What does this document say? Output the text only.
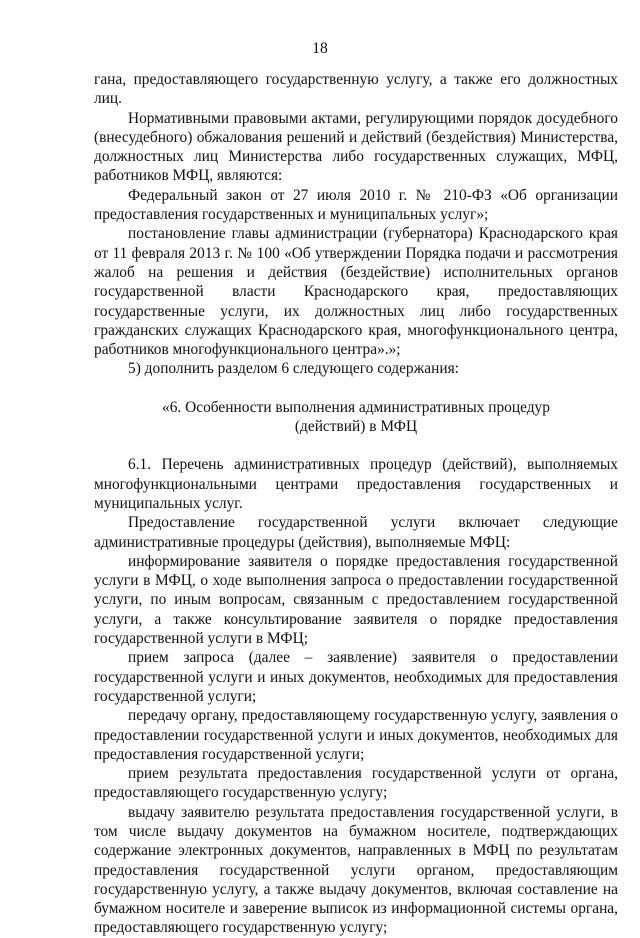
18

гана, предоставляющего государственную услугу, а также его должностных лиц.

Нормативными правовыми актами, регулирующими порядок досудебного (внесудебного) обжалования решений и действий (бездействия) Министерства, должностных лиц Министерства либо государственных служащих, МФЦ, работников МФЦ, являются:

Федеральный закон от 27 июля 2010 г. № 210-ФЗ «Об организации предоставления государственных и муниципальных услуг»;

постановление главы администрации (губернатора) Краснодарского края от 11 февраля 2013 г. № 100 «Об утверждении Порядка подачи и рассмотрения жалоб на решения и действия (бездействие) исполнительных органов государственной власти Краснодарского края, предоставляющих государственные услуги, их должностных лиц либо государственных гражданских служащих Краснодарского края, многофункционального центра, работников многофункционального центра».»;

5) дополнить разделом 6 следующего содержания:

«6. Особенности выполнения административных процедур

(действий) в МФЦ

6.1. Перечень административных процедур (действий), выполняемых многофункциональными центрами предоставления государственных и муниципальных услуг.

Предоставление государственной услуги включает следующие административные процедуры (действия), выполняемые МФЦ:

информирование заявителя о порядке предоставления государственной услуги в МФЦ, о ходе выполнения запроса о предоставлении государственной услуги, по иным вопросам, связанным с предоставлением государственной услуги, а также консультирование заявителя о порядке предоставления государственной услуги в МФЦ;

прием запроса (далее – заявление) заявителя о предоставлении государственной услуги и иных документов, необходимых для предоставления государственной услуги;

передачу органу, предоставляющему государственную услугу, заявления о предоставлении государственной услуги и иных документов, необходимых для предоставления государственной услуги;

прием результата предоставления государственной услуги от органа, предоставляющего государственную услугу;

выдачу заявителю результата предоставления государственной услуги, в том числе выдачу документов на бумажном носителе, подтверждающих содержание электронных документов, направленных в МФЦ по результатам предоставления государственной услуги органом, предоставляющим государственную услугу, а также выдачу документов, включая составление на бумажном носителе и заверение выписок из информационной системы органа, предоставляющего государственную услугу;
